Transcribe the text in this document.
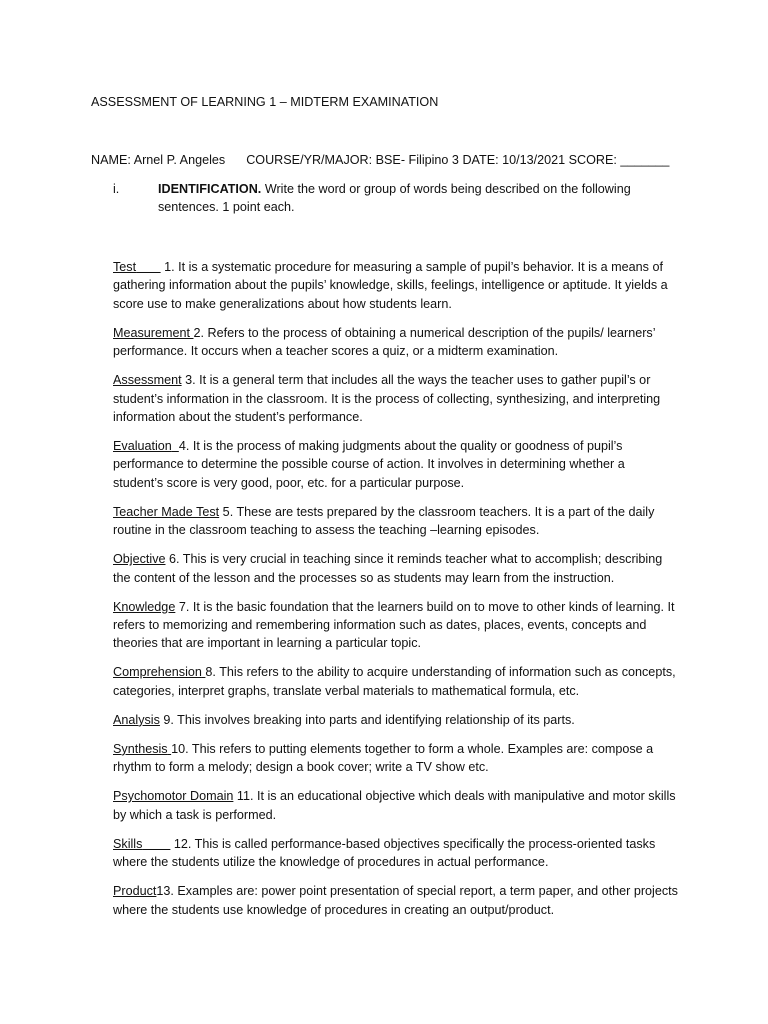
ASSESSMENT OF LEARNING 1 – MIDTERM EXAMINATION
NAME: Arnel P. Angeles COURSE/YR/MAJOR: BSE- Filipino 3 DATE: 10/13/2021 SCORE: _______
i.	IDENTIFICATION. Write the word or group of words being described on the following sentences. 1 point each.
Test        1. It is a systematic procedure for measuring a sample of pupil’s behavior. It is a means of gathering information about the pupils’ knowledge, skills, feelings, intelligence or aptitude. It yields a score use to make generalizations about how students learn.
Measurement 2. Refers to the process of obtaining a numerical description of the pupils/ learners’ performance. It occurs when a teacher scores a quiz, or a midterm examination.
Assessment 3. It is a general term that includes all the ways the teacher uses to gather pupil’s or student’s information in the classroom. It is the process of collecting, synthesizing, and interpreting information about the student’s performance.
Evaluation 4. It is the process of making judgments about the quality or goodness of pupil’s performance to determine the possible course of action. It involves in determining whether a student’s score is very good, poor, etc. for a particular purpose.
Teacher Made Test 5. These are tests prepared by the classroom teachers. It is a part of the daily routine in the classroom teaching to assess the teaching –learning episodes.
Objective 6. This is very crucial in teaching since it reminds teacher what to accomplish; describing the content of the lesson and the processes so as students may learn from the instruction.
Knowledge 7. It is the basic foundation that the learners build on to move to other kinds of learning. It refers to memorizing and remembering information such as dates, places, events, concepts and theories that are important in learning a particular topic.
Comprehension 8. This refers to the ability to acquire understanding of information such as concepts, categories, interpret graphs, translate verbal materials to mathematical formula, etc.
Analysis 9. This involves breaking into parts and identifying relationship of its parts.
Synthesis 10. This refers to putting elements together to form a whole. Examples are: compose a rhythm to form a melody; design a book cover; write a TV show etc.
Psychomotor Domain 11. It is an educational objective which deals with manipulative and motor skills by which a task is performed.
Skills         12. This is called performance-based objectives specifically the process-oriented tasks where the students utilize the knowledge of procedures in actual performance.
Product13. Examples are: power point presentation of special report, a term paper, and other projects where the students use knowledge of procedures in creating an output/product.
